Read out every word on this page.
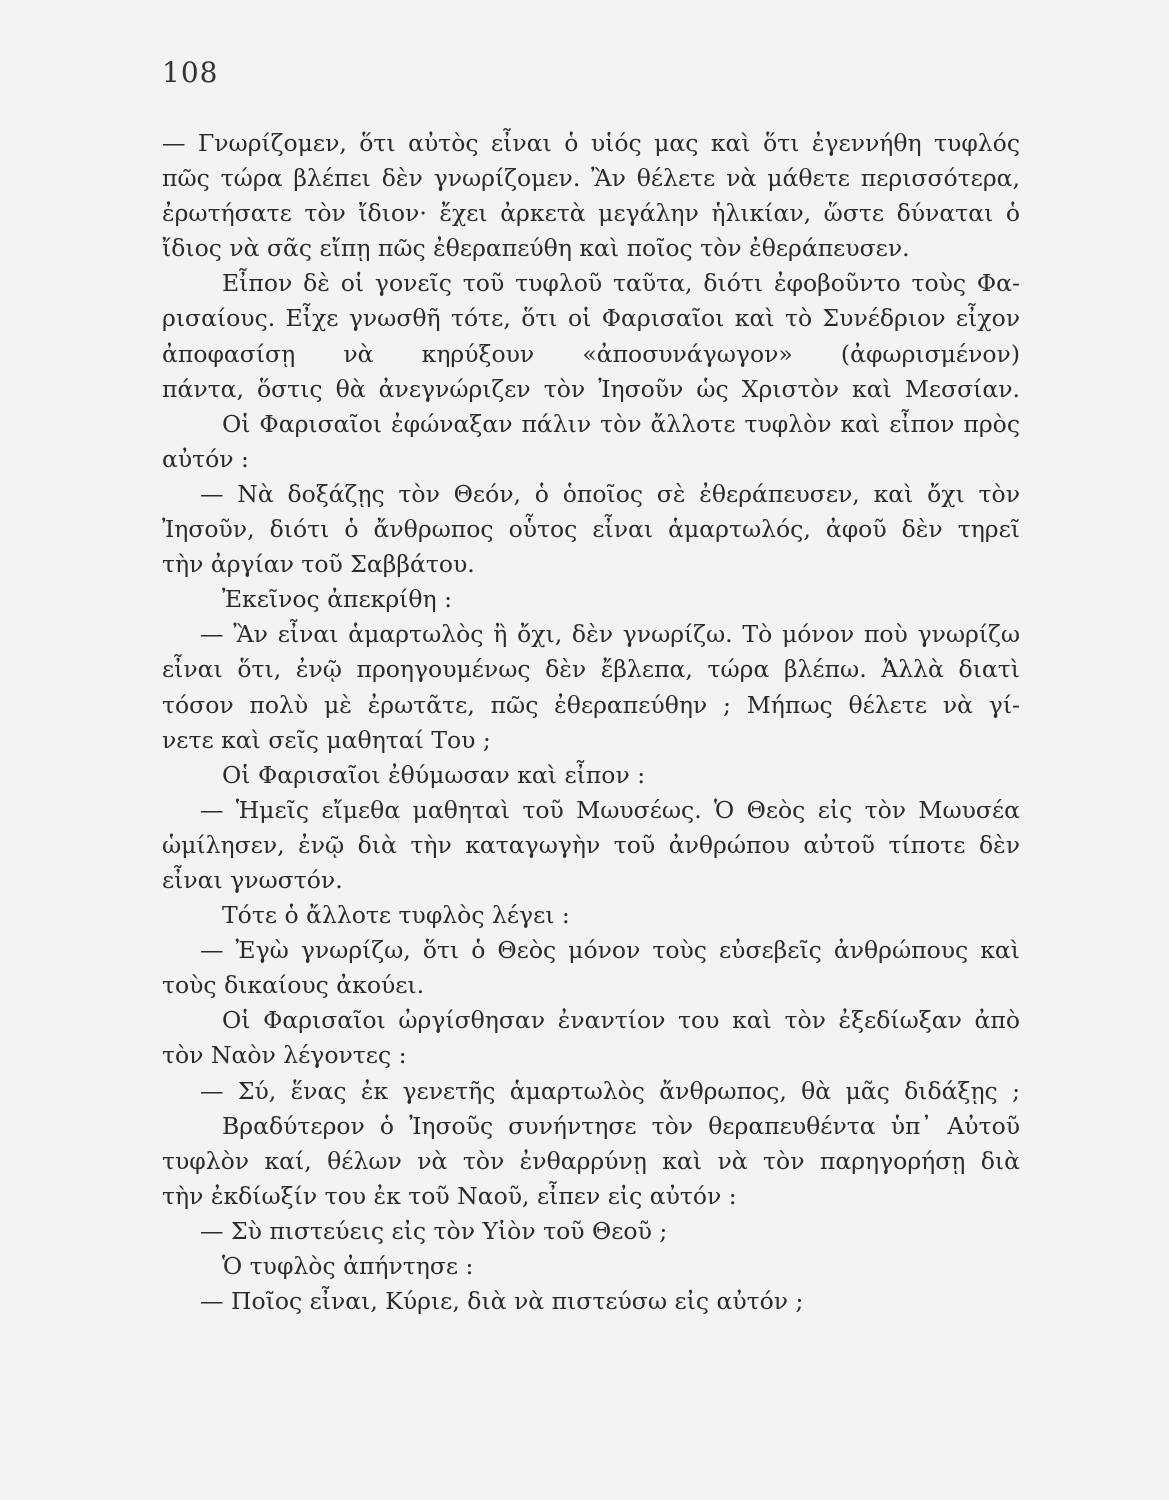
108
— Γνωρίζομεν, ὅτι αὐτὸς εἶναι ὁ υἱός μας καὶ ὅτι ἐγεννήθη τυφλός
πῶς τώρα βλέπει δὲν γνωρίζομεν. Ἂν θέλετε νὰ μάθετε περισσότερα,
ἐρωτήσατε τὸν ἴδιον· ἔχει ἀρκετὰ μεγάλην ἡλικίαν, ὥστε δύναται ὁ
ἴδιος νὰ σᾶς εἴπῃ πῶς ἐθεραπεύθη καὶ ποῖος τὸν ἐθεράπευσεν.
Εἶπον δὲ οἱ γονεῖς τοῦ τυφλοῦ ταῦτα, διότι ἐφοβοῦντο τοὺς Φα-
ρισαίους. Εἶχε γνωσθῆ τότε, ὅτι οἱ Φαρισαῖοι καὶ τὸ Συνέδριον εἶχον
ἀποφασίσῃ νὰ κηρύξουν «ἀποσυνάγωγον» (ἀφωρισμένον)
πάντα, ὅστις θὰ ἀνεγνώριζεν τὸν Ἰησοῦν ὡς Χριστὸν καὶ Μεσσίαν.
Οἱ Φαρισαῖοι ἐφώναξαν πάλιν τὸν ἄλλοτε τυφλὸν καὶ εἶπον πρὸς
αὐτόν :
— Νὰ δοξάζῃς τὸν Θεόν, ὁ ὁποῖος σὲ ἐθεράπευσεν, καὶ ὄχι τὸν
Ἰησοῦν, διότι ὁ ἄνθρωπος οὗτος εἶναι ἁμαρτωλός, ἀφοῦ δὲν τηρεῖ
τὴν ἀργίαν τοῦ Σαββάτου.
Ἐκεῖνος ἀπεκρίθη :
— Ἂν εἶναι ἁμαρτωλὸς ἢ ὄχι, δὲν γνωρίζω. Τὸ μόνον ποὺ γνωρίζω
εἶναι ὅτι, ἐνῷ προηγουμένως δὲν ἔβλεπα, τώρα βλέπω. Ἀλλὰ διατὶ
τόσον πολὺ μὲ ἐρωτᾶτε, πῶς ἐθεραπεύθην ; Μήπως θέλετε νὰ γί-
νετε καὶ σεῖς μαθηταί Του ;
Οἱ Φαρισαῖοι ἐθύμωσαν καὶ εἶπον :
— Ἡμεῖς εἴμεθα μαθηταὶ τοῦ Μωυσέως. Ὁ Θεὸς εἰς τὸν Μωυσέα
ὡμίλησεν, ἐνῷ διὰ τὴν καταγωγὴν τοῦ ἀνθρώπου αὐτοῦ τίποτε δὲν
εἶναι γνωστόν.
Τότε ὁ ἄλλοτε τυφλὸς λέγει :
— Ἐγὼ γνωρίζω, ὅτι ὁ Θεὸς μόνον τοὺς εὐσεβεῖς ἀνθρώπους καὶ
τοὺς δικαίους ἀκούει.
Οἱ Φαρισαῖοι ὠργίσθησαν ἐναντίον του καὶ τὸν ἐξεδίωξαν ἀπὸ
τὸν Ναὸν λέγοντες :
— Σύ, ἕνας ἐκ γενετῆς ἁμαρτωλὸς ἄνθρωπος, θὰ μᾶς διδάξῃς ;
Βραδύτερον ὁ Ἰησοῦς συνήντησε τὸν θεραπευθέντα ὑπ᾽ Αὐτοῦ
τυφλὸν καί, θέλων νὰ τὸν ἐνθαρρύνῃ καὶ νὰ τὸν παρηγορήσῃ διὰ
τὴν ἐκδίωξίν του ἐκ τοῦ Ναοῦ, εἶπεν εἰς αὐτόν :
— Σὺ πιστεύεις εἰς τὸν Υἱὸν τοῦ Θεοῦ ;
Ὁ τυφλὸς ἀπήντησε :
— Ποῖος εἶναι, Κύριε, διὰ νὰ πιστεύσω εἰς αὐτόν ;
